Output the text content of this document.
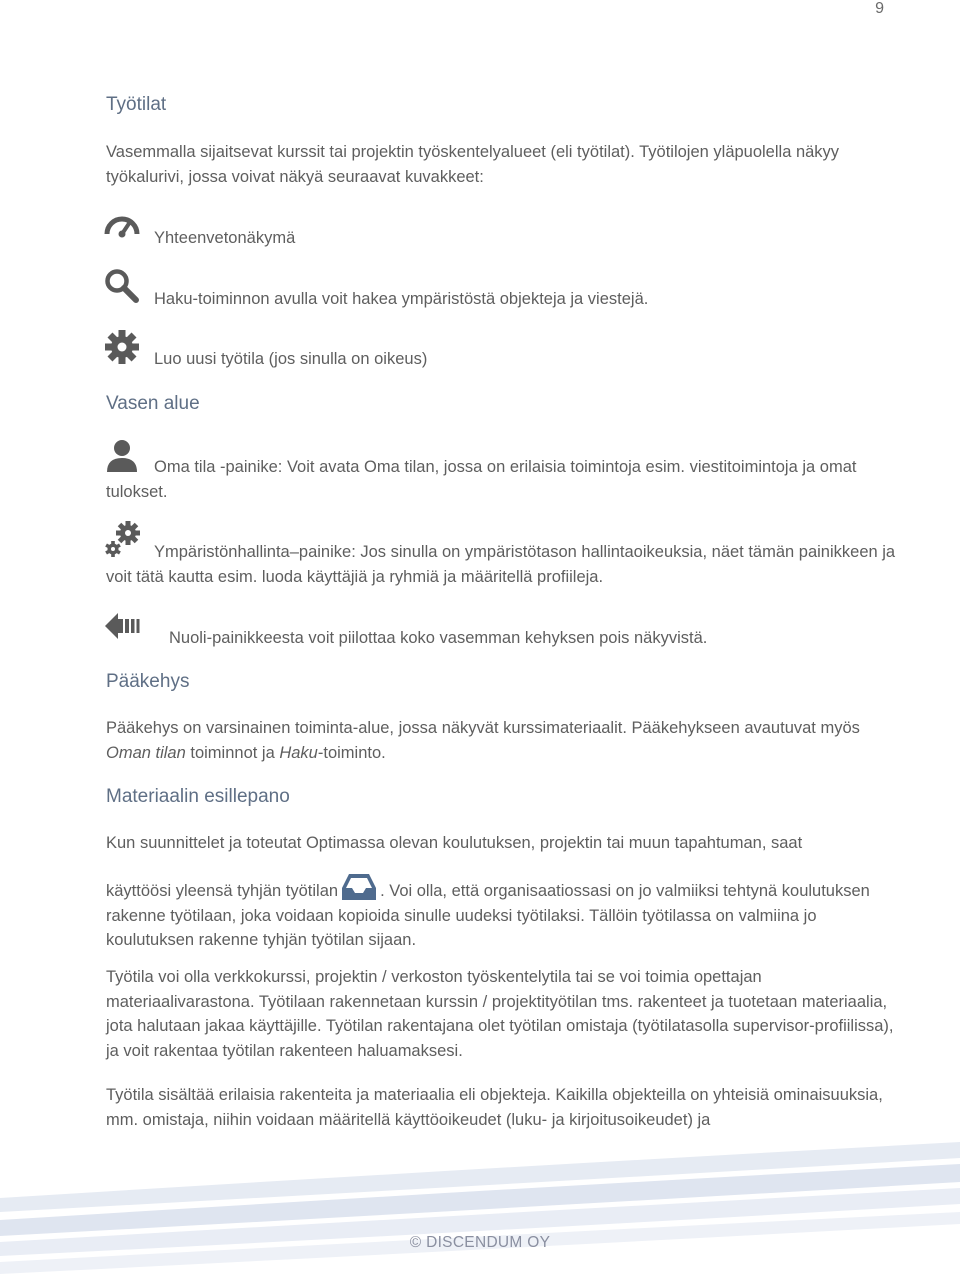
9
Työtilat

Vasemmalla sijaitsevat kurssit tai projektin työskentelyalueet (eli työtilat). Työtilojen yläpuolella näkyy työkalurivi, jossa voivat näkyä seuraavat kuvakkeet:

Yhteenvetonäkymä
Haku-toiminnon avulla voit hakea ympäristöstä objekteja ja viestejä.
Luo uusi työtila (jos sinulla on oikeus)
Vasen alue

Oma tila -painike: Voit avata Oma tilan, jossa on erilaisia toimintoja esim. viestitoimintoja ja omat tulokset.

Ympäristönhallinta–painike: Jos sinulla on ympäristötason hallintaoikeuksia, näet tämän painikkeen ja voit tätä kautta esim. luoda käyttäjiä ja ryhmiä ja määritellä profiileja.

Nuoli-painikkeesta voit piilottaa koko vasemman kehyksen pois näkyvistä.
Pääkehys

Pääkehys on varsinainen toiminta-alue, jossa näkyvät kurssimateriaalit. Pääkehykseen avautuvat myös Oman tilan toiminnot ja Haku-toiminto.

Materiaalin esillepano

Kun suunnittelet ja toteutat Optimassa olevan koulutuksen, projektin tai muun tapahtuman, saat

käyttöösi yleensä tyhjän työtilan	. Voi olla, että organisaatiossasi on jo valmiiksi tehtynä koulutuksen rakenne työtilaan, joka voidaan kopioida sinulle uudeksi työtilaksi. Tällöin työtilassa on valmiina jo koulutuksen rakenne tyhjän työtilan sijaan.

Työtila voi olla verkkokurssi, projektin / verkoston työskentelytila tai se voi toimia opettajan materiaalivarastona. Työtilaan rakennetaan kurssin / projektityötilan tms. rakenteet ja tuotetaan materiaalia, jota halutaan jakaa käyttäjille. Työtilan rakentajana olet työtilan omistaja (työtilatasolla supervisor-profiilissa), ja voit rakentaa työtilan rakenteen haluamaksesi.

Työtila sisältää erilaisia rakenteita ja materiaalia eli objekteja. Kaikilla objekteilla on yhteisiä ominaisuuksia, mm. omistaja, niihin voidaan määritellä käyttöoikeudet (luku- ja kirjoitusoikeudet) ja

© DISCENDUM OY
